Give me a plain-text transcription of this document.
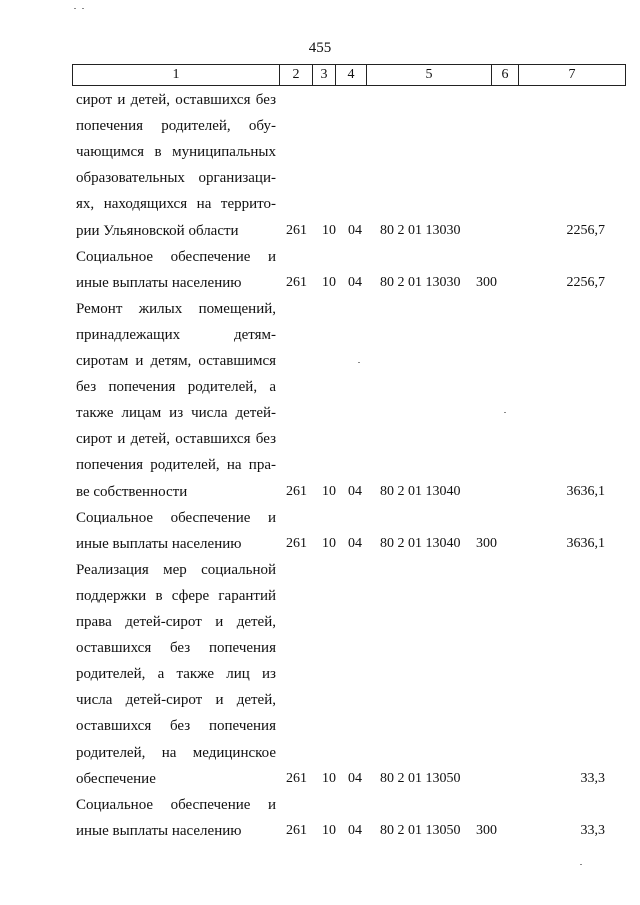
455
1	2	3	4	5	6	7
сирот и детей, оставшихся без
попечения родителей, обу-
чающимся в муниципальных
образовательных организаци-
ях, находящихся на террито-
рии Ульяновской области	261 10 04 80 2 01 13030	2256,7
Социальное обеспечение и
иные выплаты населению	261 10 04 80 2 01 13030 300	2256,7
Ремонт жилых помещений,
принадлежащих детям-
сиротам и детям, оставшимся
без попечения родителей, а
также лицам из числа детей-
сирот и детей, оставшихся без
попечения родителей, на пра-
ве собственности	261 10 04 80 2 01 13040	3636,1
Социальное обеспечение и
иные выплаты населению	261 10 04 80 2 01 13040 300	3636,1
Реализация мер социальной
поддержки в сфере гарантий
права детей-сирот и детей,
оставшихся без попечения
родителей, а также лиц из
числа детей-сирот и детей,
оставшихся без попечения
родителей, на медицинское
обеспечение	261 10 04 80 2 01 13050	33,3
Социальное обеспечение и
иные выплаты населению	261 10 04 80 2 01 13050 300	33,3
